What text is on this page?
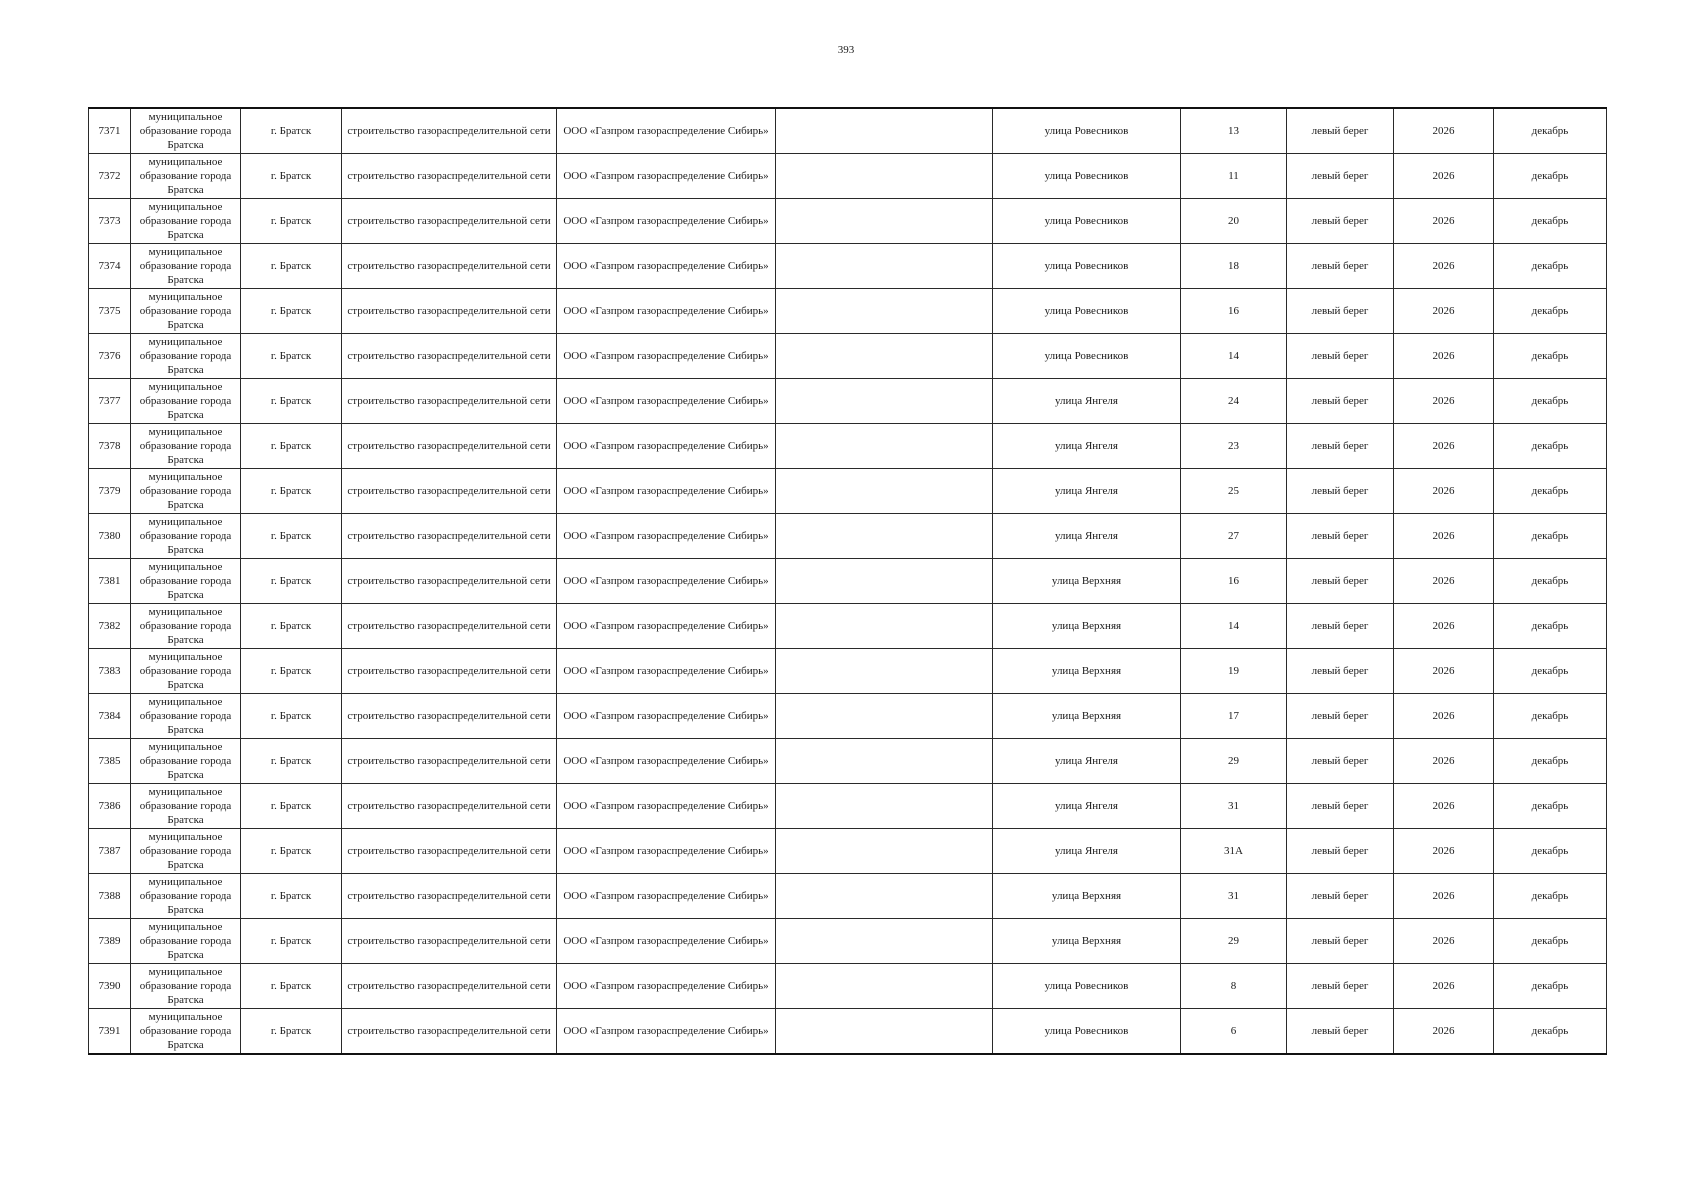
393
7371	муниципальное образование города Братска	г. Братск	строительство газораспределительной сети	ООО «Газпром газораспределение Сибирь»		улица Ровесников	13	левый берег	2026	декабрь
7372	муниципальное образование города Братска	г. Братск	строительство газораспределительной сети	ООО «Газпром газораспределение Сибирь»		улица Ровесников	11	левый берег	2026	декабрь
7373	муниципальное образование города Братска	г. Братск	строительство газораспределительной сети	ООО «Газпром газораспределение Сибирь»		улица Ровесников	20	левый берег	2026	декабрь
7374	муниципальное образование города Братска	г. Братск	строительство газораспределительной сети	ООО «Газпром газораспределение Сибирь»		улица Ровесников	18	левый берег	2026	декабрь
7375	муниципальное образование города Братска	г. Братск	строительство газораспределительной сети	ООО «Газпром газораспределение Сибирь»		улица Ровесников	16	левый берег	2026	декабрь
7376	муниципальное образование города Братска	г. Братск	строительство газораспределительной сети	ООО «Газпром газораспределение Сибирь»		улица Ровесников	14	левый берег	2026	декабрь
7377	муниципальное образование города Братска	г. Братск	строительство газораспределительной сети	ООО «Газпром газораспределение Сибирь»		улица Янгеля	24	левый берег	2026	декабрь
7378	муниципальное образование города Братска	г. Братск	строительство газораспределительной сети	ООО «Газпром газораспределение Сибирь»		улица Янгеля	23	левый берег	2026	декабрь
7379	муниципальное образование города Братска	г. Братск	строительство газораспределительной сети	ООО «Газпром газораспределение Сибирь»		улица Янгеля	25	левый берег	2026	декабрь
7380	муниципальное образование города Братска	г. Братск	строительство газораспределительной сети	ООО «Газпром газораспределение Сибирь»		улица Янгеля	27	левый берег	2026	декабрь
7381	муниципальное образование города Братска	г. Братск	строительство газораспределительной сети	ООО «Газпром газораспределение Сибирь»		улица Верхняя	16	левый берег	2026	декабрь
7382	муниципальное образование города Братска	г. Братск	строительство газораспределительной сети	ООО «Газпром газораспределение Сибирь»		улица Верхняя	14	левый берег	2026	декабрь
7383	муниципальное образование города Братска	г. Братск	строительство газораспределительной сети	ООО «Газпром газораспределение Сибирь»		улица Верхняя	19	левый берег	2026	декабрь
7384	муниципальное образование города Братска	г. Братск	строительство газораспределительной сети	ООО «Газпром газораспределение Сибирь»		улица Верхняя	17	левый берег	2026	декабрь
7385	муниципальное образование города Братска	г. Братск	строительство газораспределительной сети	ООО «Газпром газораспределение Сибирь»		улица Янгеля	29	левый берег	2026	декабрь
7386	муниципальное образование города Братска	г. Братск	строительство газораспределительной сети	ООО «Газпром газораспределение Сибирь»		улица Янгеля	31	левый берег	2026	декабрь
7387	муниципальное образование города Братска	г. Братск	строительство газораспределительной сети	ООО «Газпром газораспределение Сибирь»		улица Янгеля	31А	левый берег	2026	декабрь
7388	муниципальное образование города Братска	г. Братск	строительство газораспределительной сети	ООО «Газпром газораспределение Сибирь»		улица Верхняя	31	левый берег	2026	декабрь
7389	муниципальное образование города Братска	г. Братск	строительство газораспределительной сети	ООО «Газпром газораспределение Сибирь»		улица Верхняя	29	левый берег	2026	декабрь
7390	муниципальное образование города Братска	г. Братск	строительство газораспределительной сети	ООО «Газпром газораспределение Сибирь»		улица Ровесников	8	левый берег	2026	декабрь
7391	муниципальное образование города Братска	г. Братск	строительство газораспределительной сети	ООО «Газпром газораспределение Сибирь»		улица Ровесников	6	левый берег	2026	декабрь
